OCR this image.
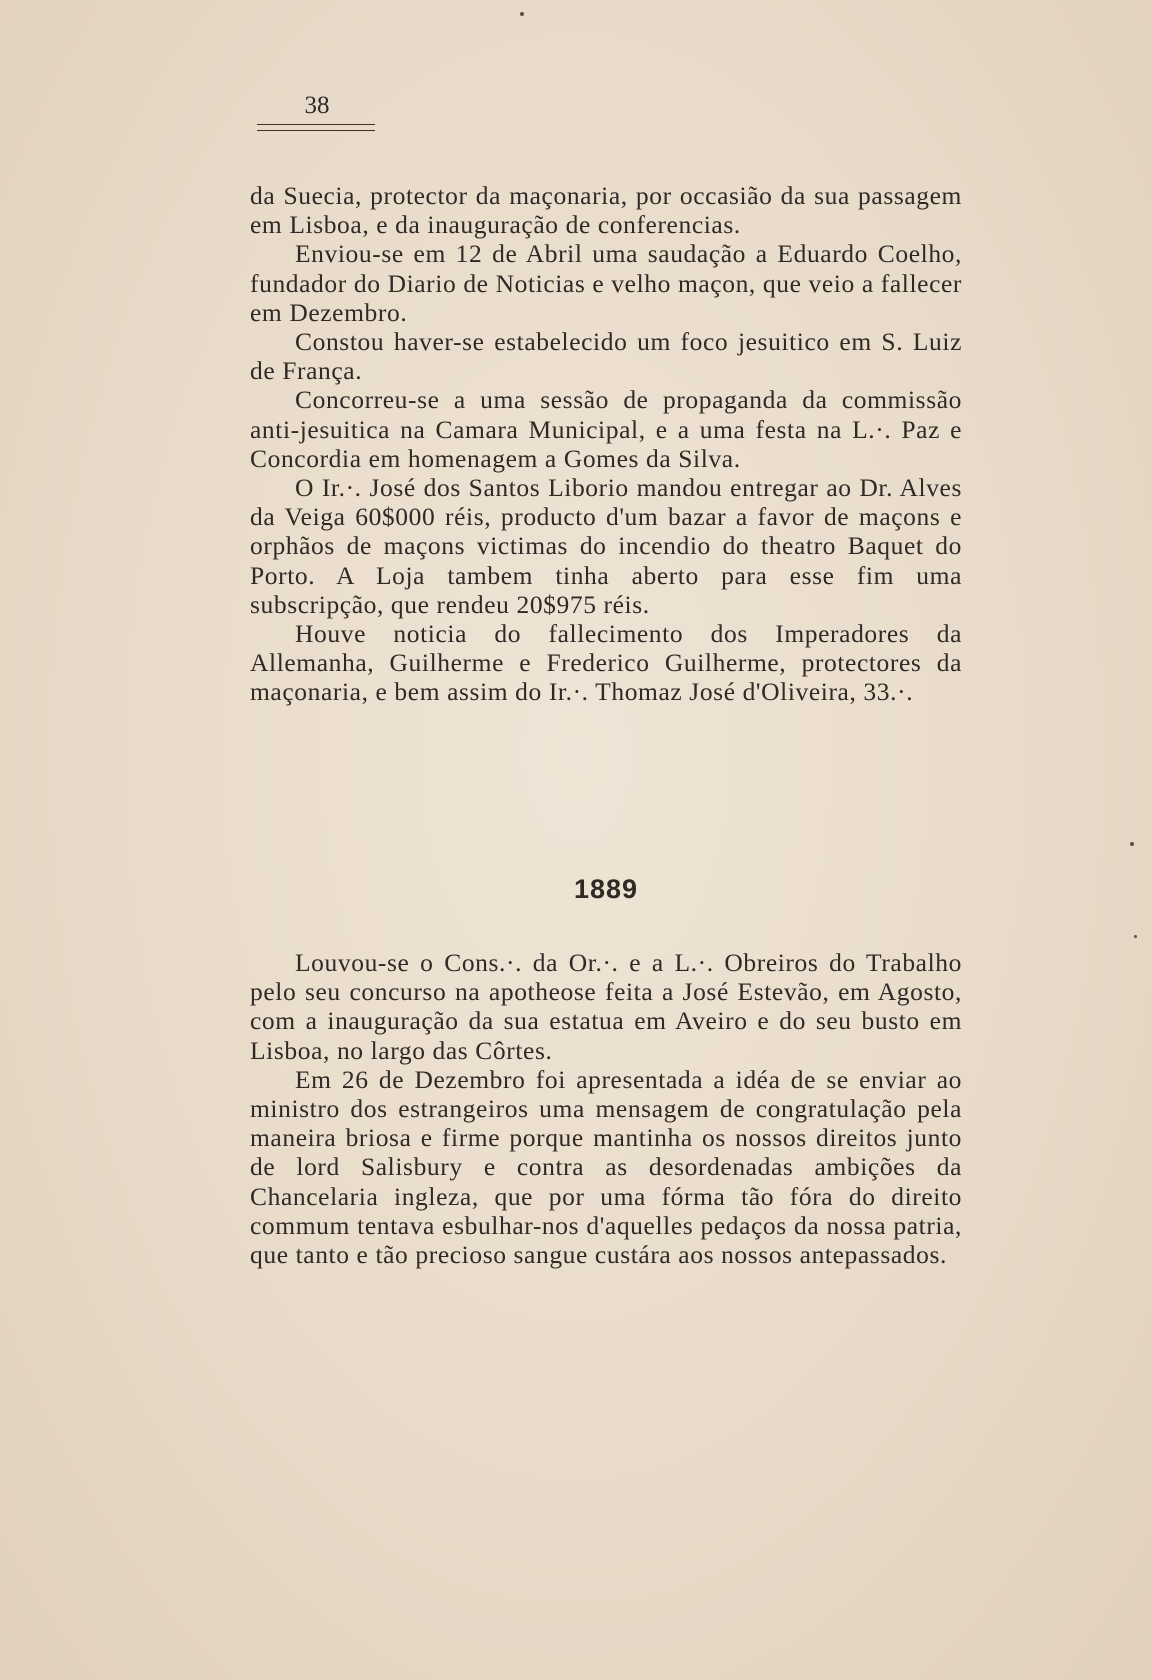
38

da Suecia, protector da maçonaria, por occasião da sua passagem em Lisboa, e da inauguração de conferencias.

Enviou-se em 12 de Abril uma saudação a Eduardo Coelho, fundador do Diario de Noticias e velho maçon, que veio a fallecer em Dezembro.

Constou haver-se estabelecido um foco jesuitico em S. Luiz de França.

Concorreu-se a uma sessão de propaganda da commissão anti-jesuitica na Camara Municipal, e a uma festa na L.·. Paz e Concordia em homenagem a Gomes da Silva.

O Ir.·. José dos Santos Liborio mandou entregar ao Dr. Alves da Veiga 60$000 réis, producto d'um bazar a favor de maçons e orphãos de maçons victimas do incendio do theatro Baquet do Porto. A Loja tambem tinha aberto para esse fim uma subscripção, que rendeu 20$975 réis.

Houve noticia do fallecimento dos Imperadores da Allemanha, Guilherme e Frederico Guilherme, protectores da maçonaria, e bem assim do Ir.·. Thomaz José d'Oliveira, 33.·.

1889

Louvou-se o Cons.·. da Or.·. e a L.·. Obreiros do Trabalho pelo seu concurso na apotheose feita a José Estevão, em Agosto, com a inauguração da sua estatua em Aveiro e do seu busto em Lisboa, no largo das Côrtes.

Em 26 de Dezembro foi apresentada a idéa de se enviar ao ministro dos estrangeiros uma mensagem de congratulação pela maneira briosa e firme porque mantinha os nossos direitos junto de lord Salisbury e contra as desordenadas ambições da Chancelaria ingleza, que por uma fórma tão fóra do direito commum tentava esbulhar-nos d'aquelles pedaços da nossa patria, que tanto e tão precioso sangue custára aos nossos antepassados.
